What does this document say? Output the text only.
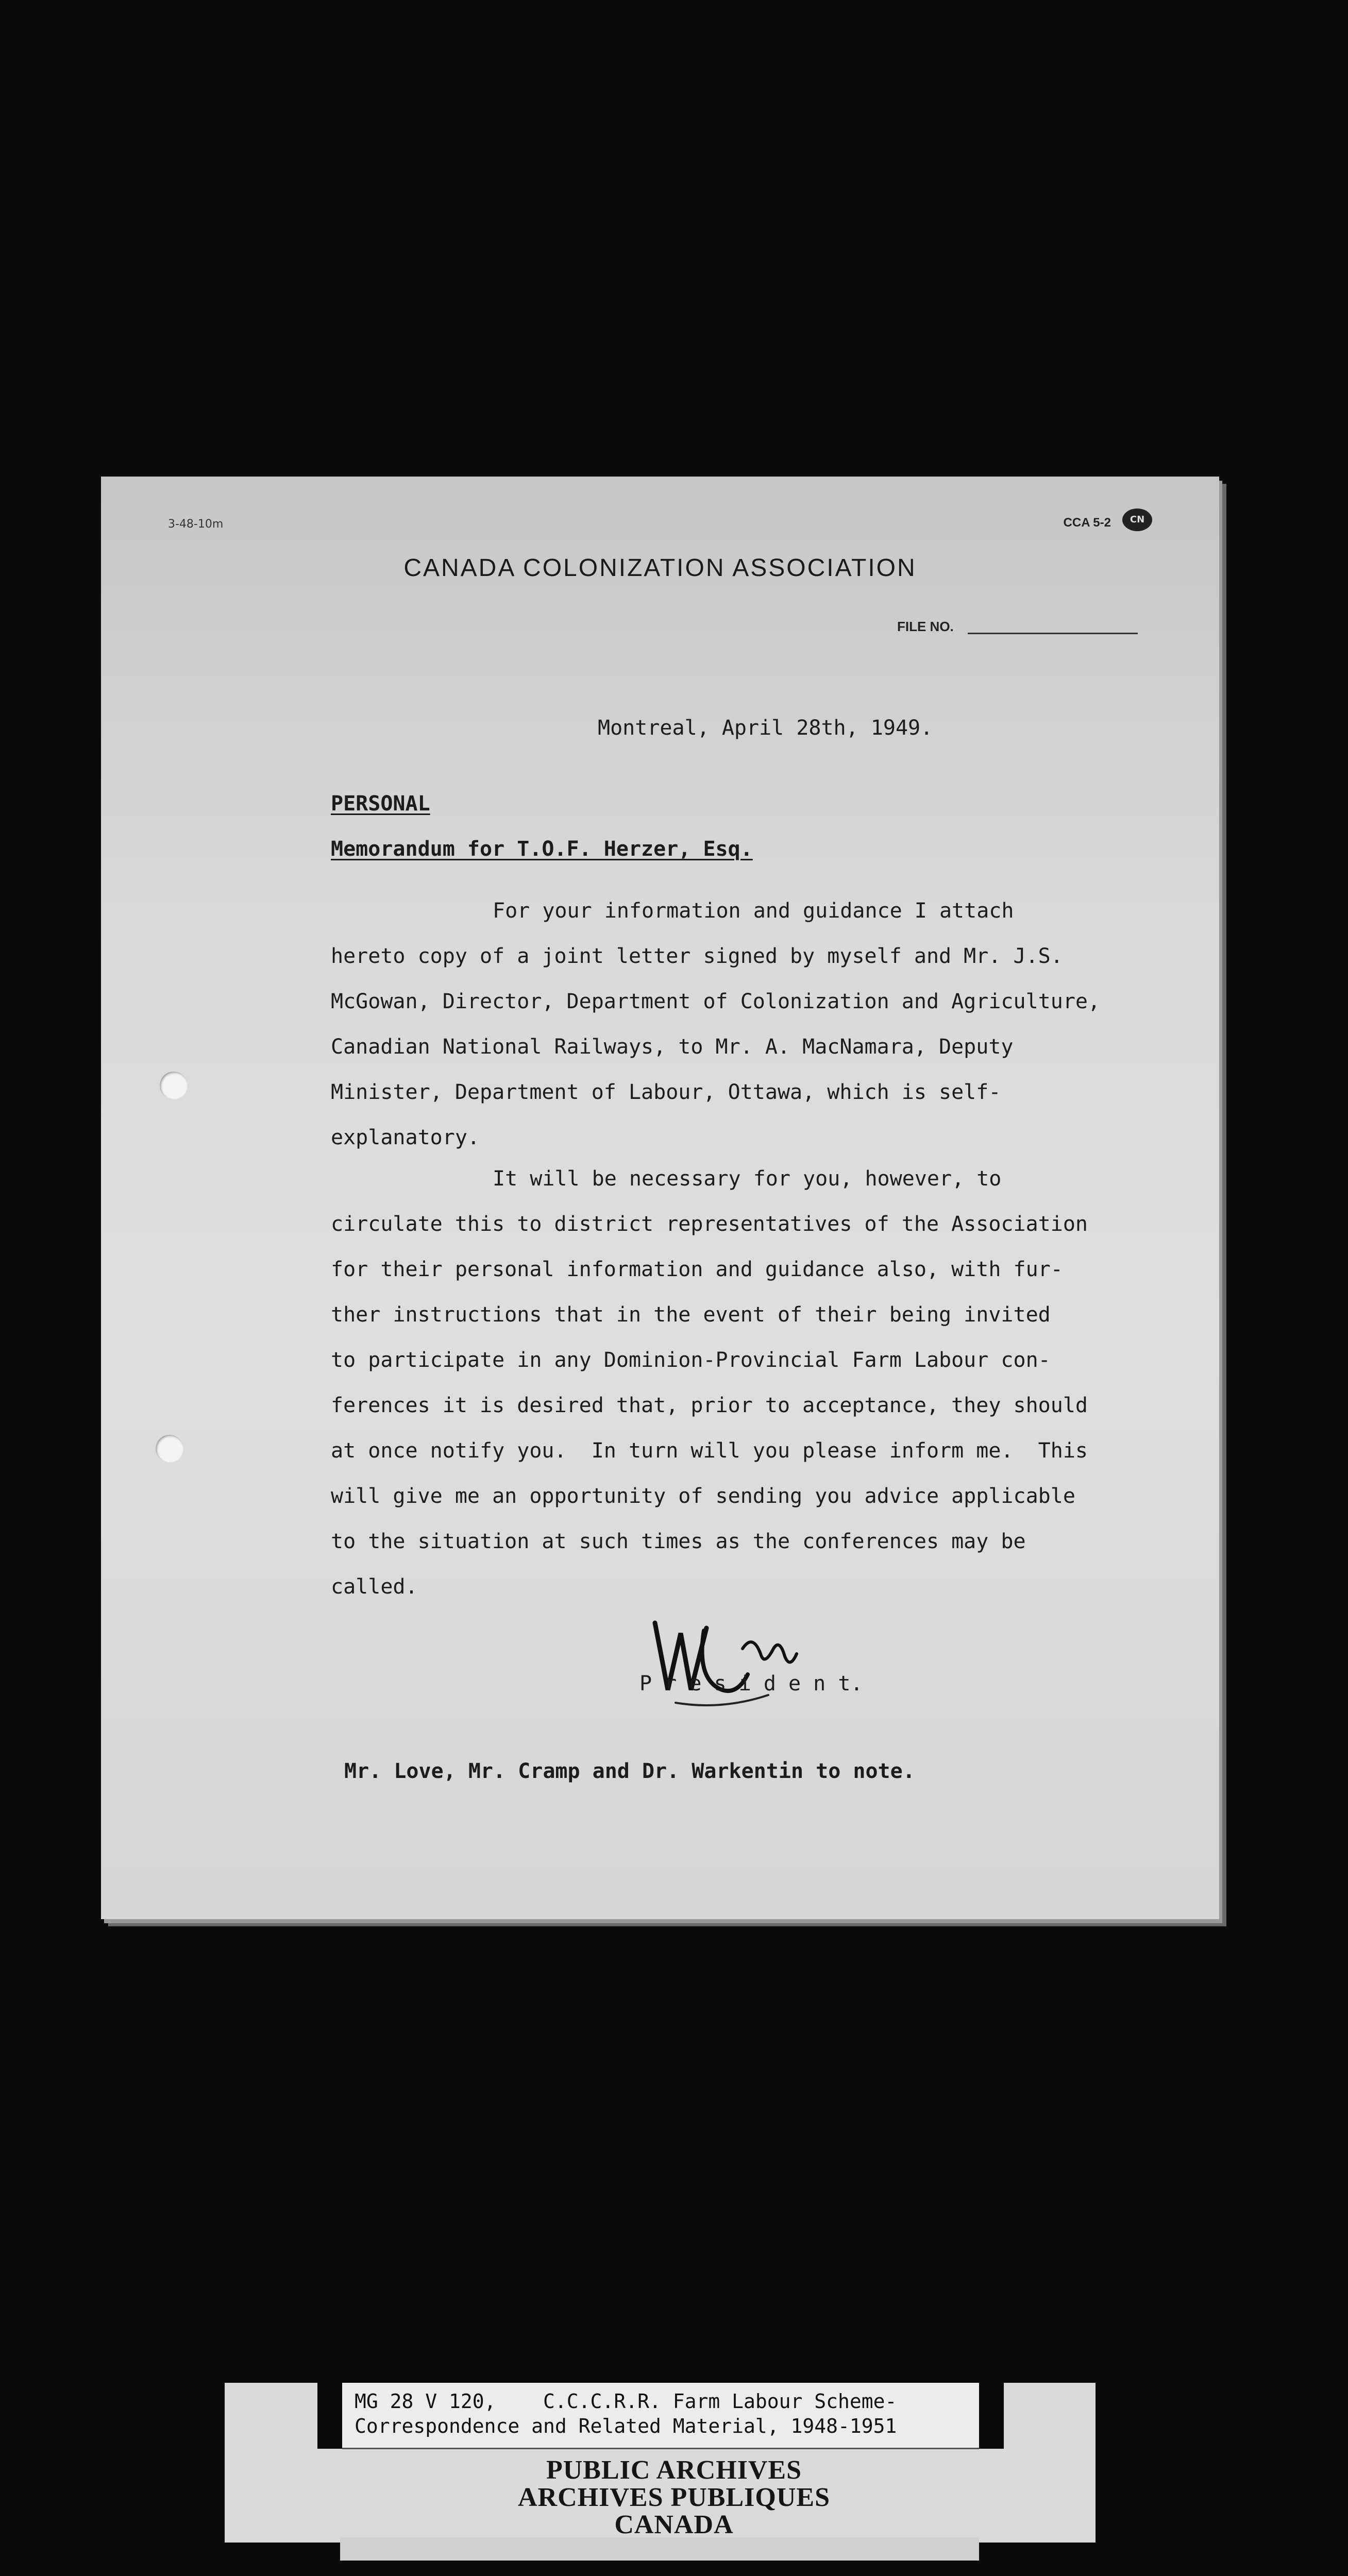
3-48-10m	CCA 5-2	CN
CANADA COLONIZATION ASSOCIATION
FILE NO.
Montreal, April 28th, 1949.
PERSONAL
Memorandum for T.O.F. Herzer, Esq.
For your information and guidance I attach
hereto copy of a joint letter signed by myself and Mr. J.S.
McGowan, Director, Department of Colonization and Agriculture,
Canadian National Railways, to Mr. A. MacNamara, Deputy
Minister, Department of Labour, Ottawa, which is self-
explanatory.
It will be necessary for you, however, to
circulate this to district representatives of the Association
for their personal information and guidance also, with fur-
ther instructions that in the event of their being invited
to participate in any Dominion-Provincial Farm Labour con-
ferences it is desired that, prior to acceptance, they should
at once notify you.  In turn will you please inform me.  This
will give me an opportunity of sending you advice applicable
to the situation at such times as the conferences may be
called.
P r e s i d e n t.
Mr. Love, Mr. Cramp and Dr. Warkentin to note.
MG 28 V 120,    C.C.C.R.R. Farm Labour Scheme-
Correspondence and Related Material, 1948-1951
PUBLIC ARCHIVES
ARCHIVES PUBLIQUES
CANADA
